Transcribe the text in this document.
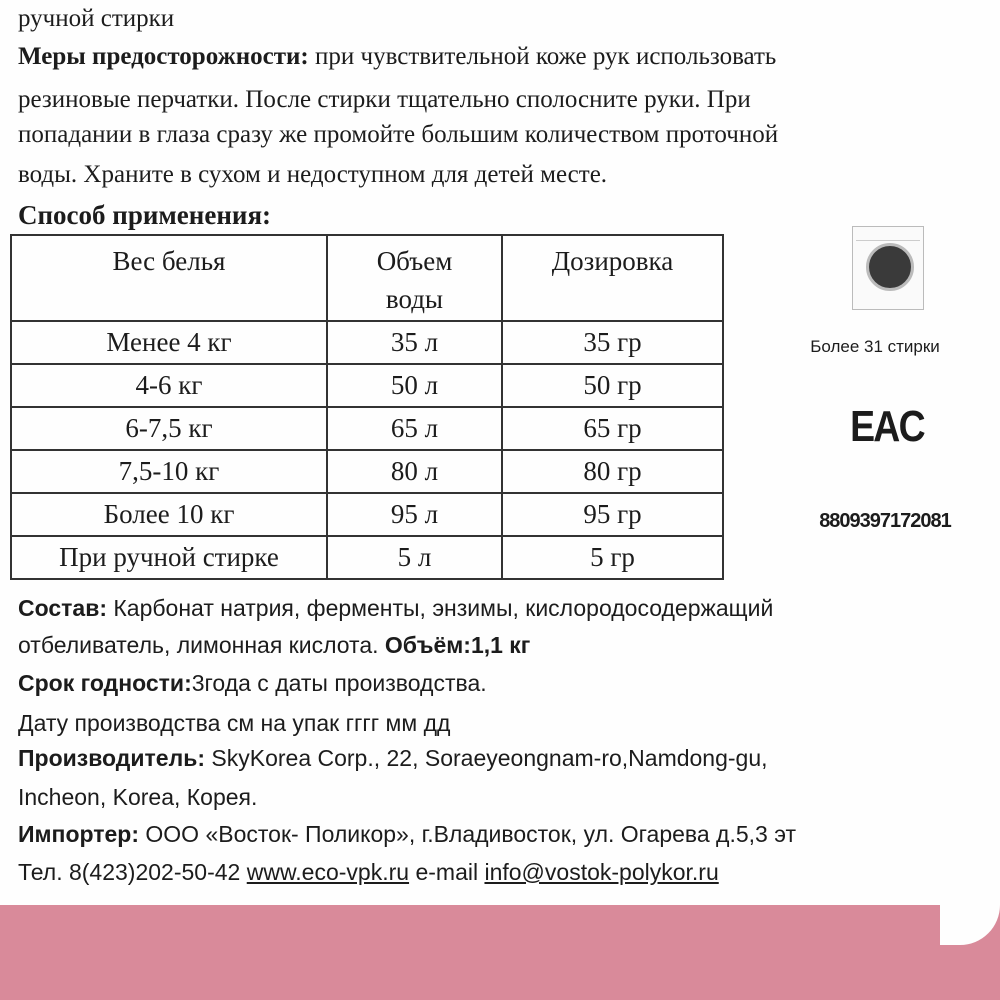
ручной стирки
Меры предосторожности: при чувствительной коже рук использовать
резиновые перчатки. После стирки тщательно сполосните руки. При
попадании в глаза сразу же промойте большим количеством проточной
воды. Храните в сухом и недоступном для детей месте.
Способ применения:
Вес белья	Объем воды	Дозировка
Менее 4 кг	35 л	35 гр
4-6 кг	50 л	50 гр
6-7,5 кг	65 л	65 гр
7,5-10 кг	80 л	80 гр
Более 10 кг	95 л	95 гр
При ручной стирке	5 л	5 гр
Более 31 стирки
EAC
8809397172081
Состав: Карбонат натрия, ферменты, энзимы, кислородосодержащий
отбеливатель, лимонная кислота. Объём:1,1 кг
Срок годности:3года с даты производства.
Дату производства см на упак гггг мм дд
Производитель: SkyKorea Corp., 22, Soraeyeongnam-ro,Namdong-gu,
Incheon, Korea, Корея.
Импортер: ООО «Восток- Поликор», г.Владивосток, ул. Огарева д.5,3 эт
Тел. 8(423)202-50-42 www.eco-vpk.ru e-mail info@vostok-polykor.ru
